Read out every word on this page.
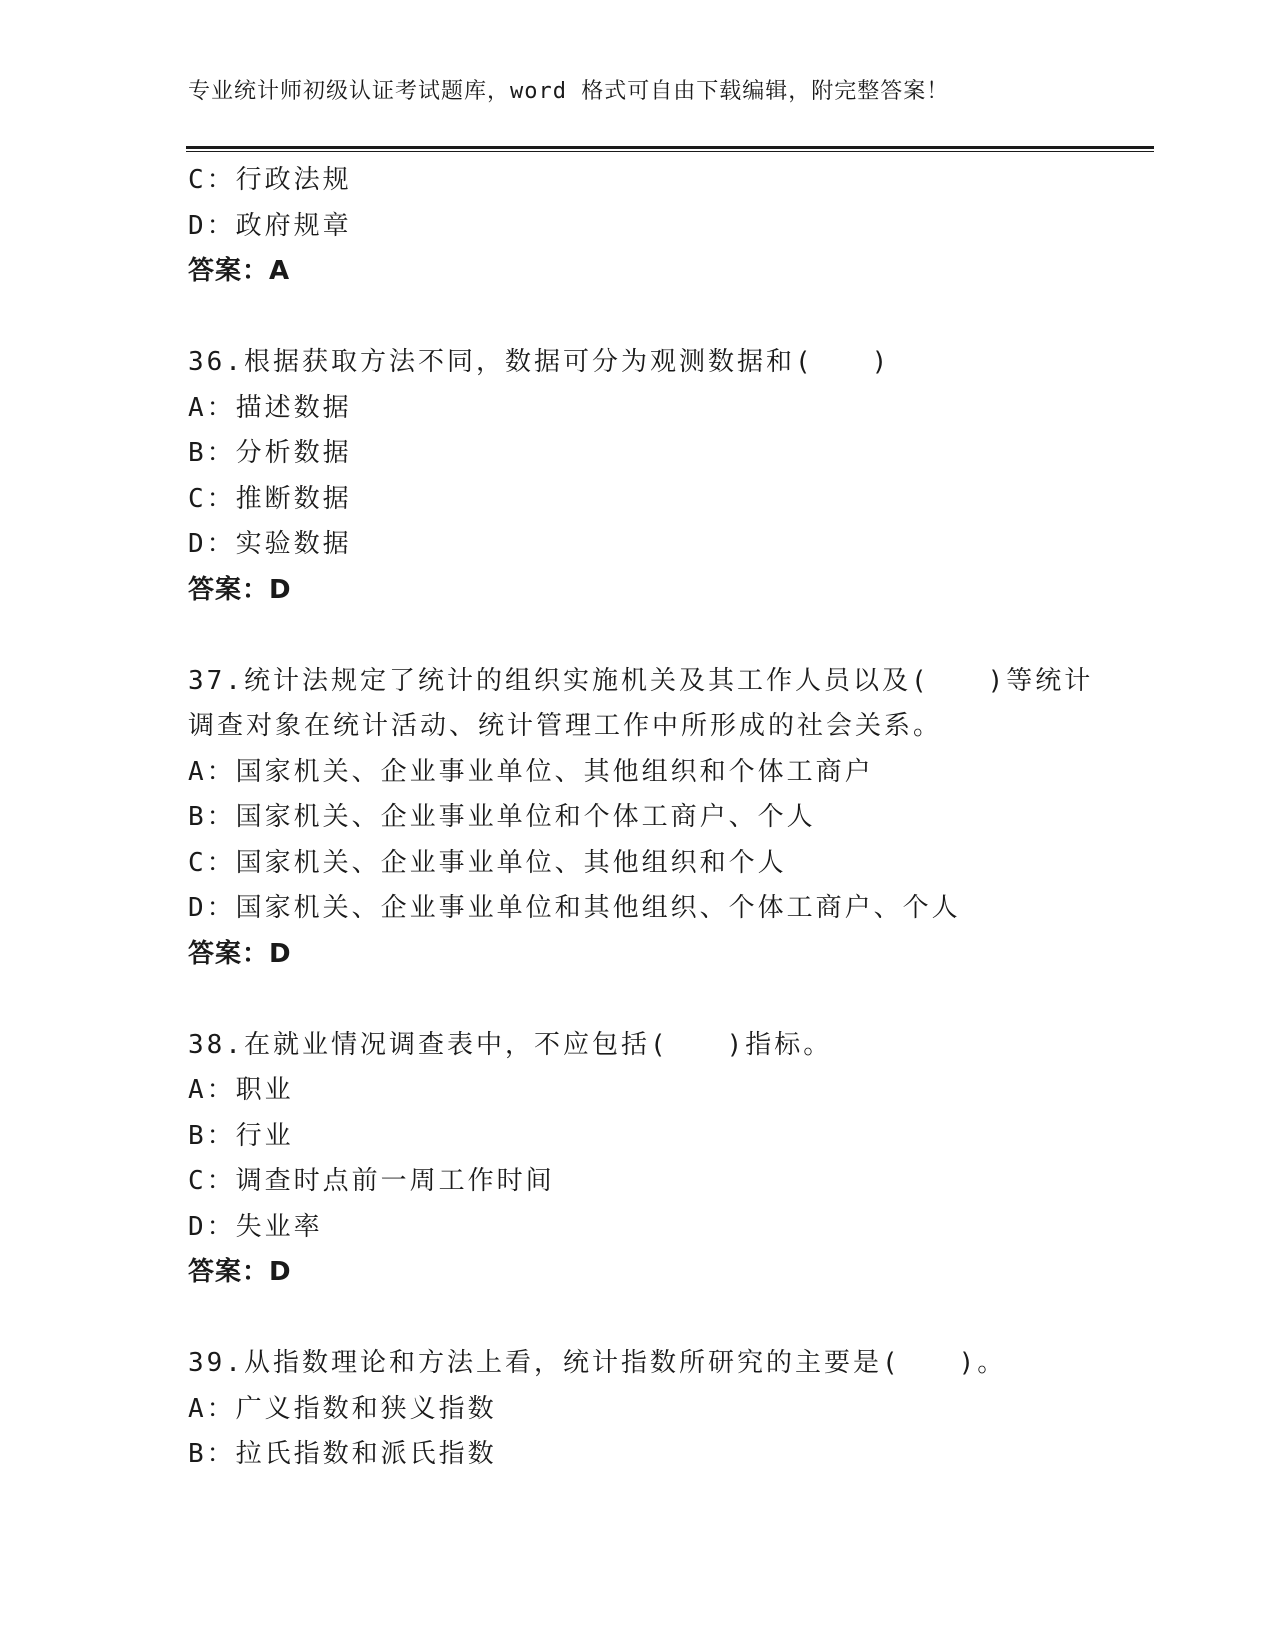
专业统计师初级认证考试题库，word 格式可自由下载编辑，附完整答案！
C：行政法规
D：政府规章
答案：A
36.根据获取方法不同，数据可分为观测数据和(　　)
A：描述数据
B：分析数据
C：推断数据
D：实验数据
答案：D
37.统计法规定了统计的组织实施机关及其工作人员以及(　　)等统计
调查对象在统计活动、统计管理工作中所形成的社会关系。
A：国家机关、企业事业单位、其他组织和个体工商户
B：国家机关、企业事业单位和个体工商户、个人
C：国家机关、企业事业单位、其他组织和个人
D：国家机关、企业事业单位和其他组织、个体工商户、个人
答案：D
38.在就业情况调查表中，不应包括(　　)指标。
A：职业
B：行业
C：调查时点前一周工作时间
D：失业率
答案：D
39.从指数理论和方法上看，统计指数所研究的主要是(　　)。
A：广义指数和狭义指数
B：拉氏指数和派氏指数
